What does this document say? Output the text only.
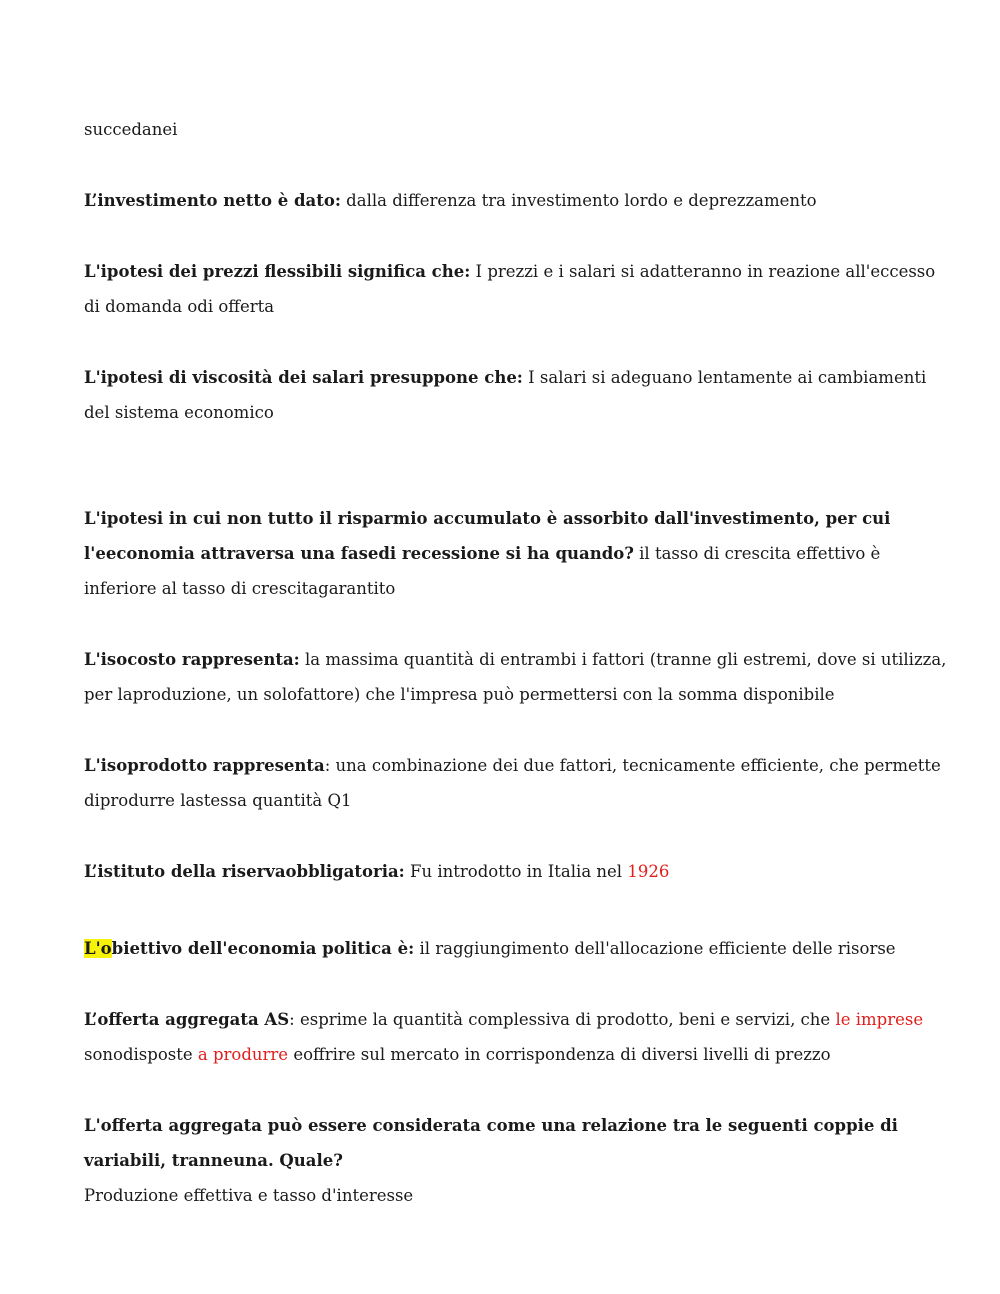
succedanei

L’investimento netto è dato: dalla differenza tra investimento lordo e deprezzamento

L'ipotesi dei prezzi flessibili significa che: I prezzi e i salari si adatteranno in reazione all'eccesso di domanda odi offerta

L'ipotesi di viscosità dei salari presuppone che: I salari si adeguano lentamente ai cambiamenti del sistema economico

L'ipotesi in cui non tutto il risparmio accumulato è assorbito dall'investimento, per cui l'eeconomia attraversa una fasedi recessione si ha quando? il tasso di crescita effettivo è inferiore al tasso di crescitagarantito

L'isocosto rappresenta: la massima quantità di entrambi i fattori (tranne gli estremi, dove si utilizza, per laproduzione, un solofattore) che l'impresa può permettersi con la somma disponibile

L'isoprodotto rappresenta: una combinazione dei due fattori, tecnicamente efficiente, che permette diprodurre lastessa quantità Q1

L’istituto della riservaobbligatoria: Fu introdotto in Italia nel 1926

L'obiettivo dell'economia politica è: il raggiungimento dell'allocazione efficiente delle risorse

L’offerta aggregata AS: esprime la quantità complessiva di prodotto, beni e servizi, che le imprese sonodisposte a produrre eoffrire sul mercato in corrispondenza di diversi livelli di prezzo

L'offerta aggregata può essere considerata come una relazione tra le seguenti coppie di variabili, tranneuna. Quale?
Produzione effettiva e tasso d'interesse
